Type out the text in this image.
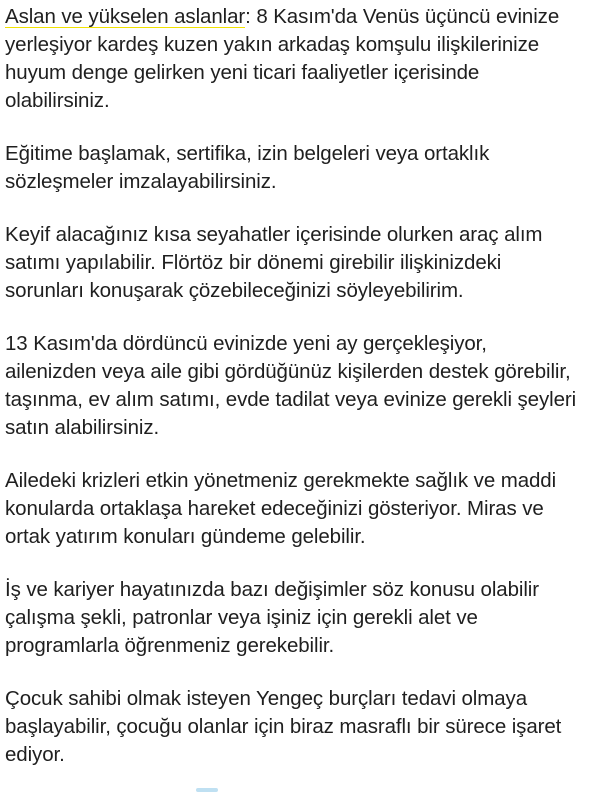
Aslan ve yükselen aslanlar: 8 Kasım'da Venüs üçüncü evinize
yerleşiyor kardeş kuzen yakın arkadaş komşulu ilişkilerinize
huyum denge gelirken yeni ticari faaliyetler içerisinde
olabilirsiniz.

Eğitime başlamak, sertifika, izin belgeleri veya ortaklık
sözleşmeler imzalayabilirsiniz.

Keyif alacağınız kısa seyahatler içerisinde olurken araç alım
satımı yapılabilir. Flörtöz bir dönemi girebilir ilişkinizdeki
sorunları konuşarak çözebileceğinizi söyleyebilirim.

13 Kasım'da dördüncü evinizde yeni ay gerçekleşiyor,
ailenizden veya aile gibi gördüğünüz kişilerden destek görebilir,
taşınma, ev alım satımı, evde tadilat veya evinize gerekli şeyleri
satın alabilirsiniz.

Ailedeki krizleri etkin yönetmeniz gerekmekte sağlık ve maddi
konularda ortaklaşa hareket edeceğinizi gösteriyor. Miras ve
ortak yatırım konuları gündeme gelebilir.

İş ve kariyer hayatınızda bazı değişimler söz konusu olabilir
çalışma şekli, patronlar veya işiniz için gerekli alet ve
programlarla öğrenmeniz gerekebilir.

Çocuk sahibi olmak isteyen Yengeç burçları tedavi olmaya
başlayabilir, çocuğu olanlar için biraz masraflı bir sürece işaret
ediyor.
